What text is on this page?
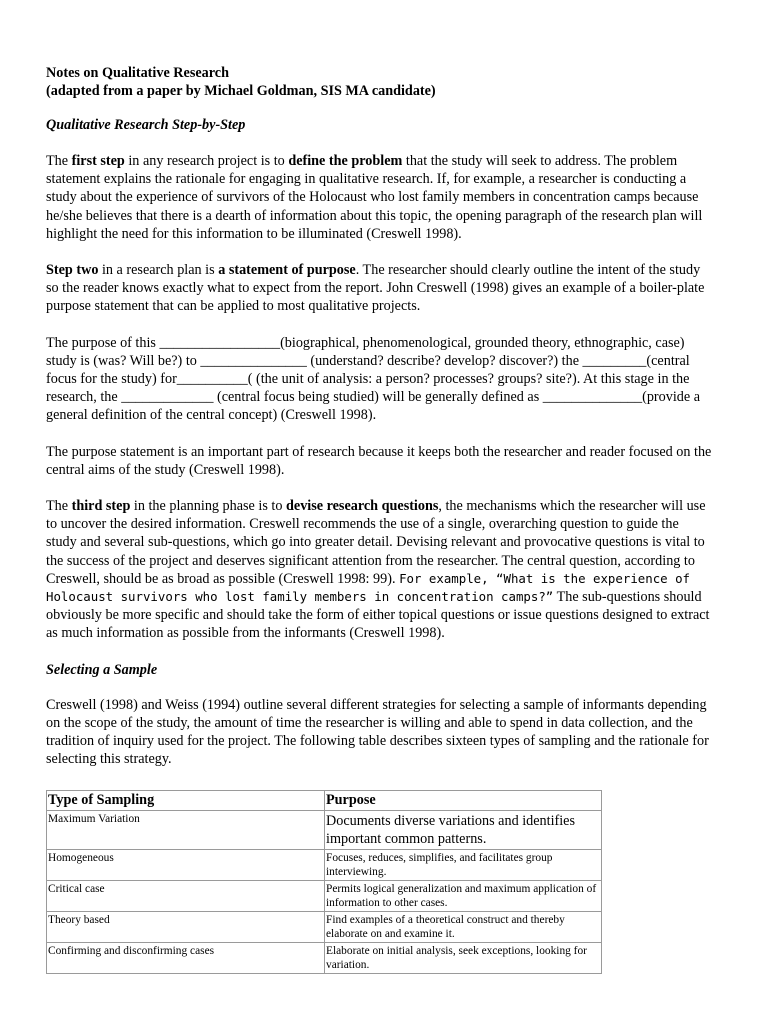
Notes on Qualitative Research
(adapted from a paper by Michael Goldman, SIS MA candidate)
Qualitative Research Step-by-Step

The first step in any research project is to define the problem that the study will seek to address. The problem statement explains the rationale for engaging in qualitative research. If, for example, a researcher is conducting a study about the experience of survivors of the Holocaust who lost family members in concentration camps because he/she believes that there is a dearth of information about this topic, the opening paragraph of the research plan will highlight the need for this information to be illuminated (Creswell 1998).

Step two in a research plan is a statement of purpose. The researcher should clearly outline the intent of the study so the reader knows exactly what to expect from the report. John Creswell (1998) gives an example of a boiler-plate purpose statement that can be applied to most qualitative projects.

The purpose of this _________________(biographical, phenomenological, grounded theory, ethnographic, case) study is (was? Will be?) to _______________ (understand? describe? develop? discover?) the _________(central focus for the study) for__________( (the unit of analysis: a person? processes? groups? site?). At this stage in the research, the _____________ (central focus being studied) will be generally defined as ______________(provide a general definition of the central concept) (Creswell 1998).

The purpose statement is an important part of research because it keeps both the researcher and reader focused on the central aims of the study (Creswell 1998).

The third step in the planning phase is to devise research questions, the mechanisms which the researcher will use to uncover the desired information. Creswell recommends the use of a single, overarching question to guide the study and several sub-questions, which go into greater detail. Devising relevant and provocative questions is vital to the success of the project and deserves significant attention from the researcher. The central question, according to Creswell, should be as broad as possible (Creswell 1998: 99). For example, “What is the experience of Holocaust survivors who lost family members in concentration camps?” The sub-questions should obviously be more specific and should take the form of either topical questions or issue questions designed to extract as much information as possible from the informants (Creswell 1998).

Selecting a Sample

Creswell (1998) and Weiss (1994) outline several different strategies for selecting a sample of informants depending on the scope of the study, the amount of time the researcher is willing and able to spend in data collection, and the tradition of inquiry used for the project. The following table describes sixteen types of sampling and the rationale for selecting this strategy.

Type of Sampling	Purpose
Maximum Variation	Documents diverse variations and identifies important common patterns.
Homogeneous	Focuses, reduces, simplifies, and facilitates group interviewing.
Critical case	Permits logical generalization and maximum application of information to other cases.
Theory based	Find examples of a theoretical construct and thereby elaborate on and examine it.
Confirming and disconfirming cases	Elaborate on initial analysis, seek exceptions, looking for variation.
